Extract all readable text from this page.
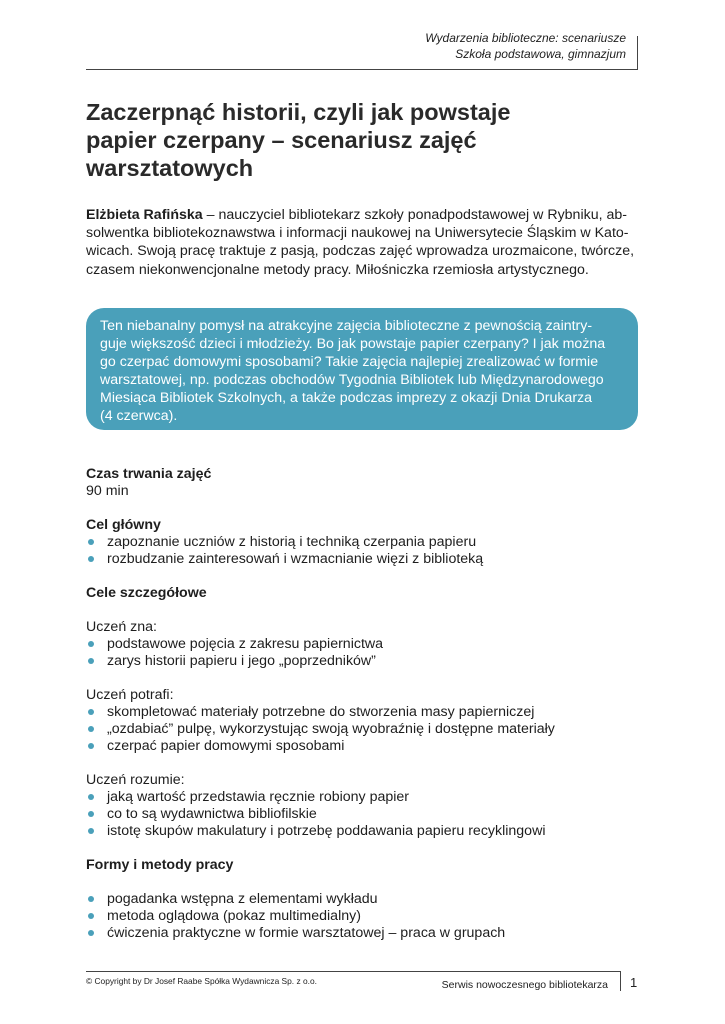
Wydarzenia biblioteczne: scenariusze
Szkoła podstawowa, gimnazjum
Zaczerpnąć historii, czyli jak powstaje
papier czerpany – scenariusz zajęć
warsztatowych
Elżbieta Rafińska – nauczyciel bibliotekarz szkoły ponadpodstawowej w Rybniku, ab-
solwentka bibliotekoznawstwa i informacji naukowej na Uniwersytecie Śląskim w Kato-
wicach. Swoją pracę traktuje z pasją, podczas zajęć wprowadza urozmaicone, twórcze,
czasem niekonwencjonalne metody pracy. Miłośniczka rzemiosła artystycznego.
Ten niebanalny pomysł na atrakcyjne zajęcia biblioteczne z pewnością zaintry-
guje większość dzieci i młodzieży. Bo jak powstaje papier czerpany? I jak można
go czerpać domowymi sposobami? Takie zajęcia najlepiej zrealizować w formie
warsztatowej, np. podczas obchodów Tygodnia Bibliotek lub Międzynarodowego
Miesiąca Bibliotek Szkolnych, a także podczas imprezy z okazji Dnia Drukarza
(4 czerwca).
Czas trwania zajęć
90 min
Cel główny
zapoznanie uczniów z historią i techniką czerpania papieru
rozbudzanie zainteresowań i wzmacnianie więzi z biblioteką
Cele szczegółowe
Uczeń zna:
podstawowe pojęcia z zakresu papiernictwa
zarys historii papieru i jego „poprzedników”
Uczeń potrafi:
skompletować materiały potrzebne do stworzenia masy papierniczej
„ozdabiać” pulpę, wykorzystując swoją wyobraźnię i dostępne materiały
czerpać papier domowymi sposobami
Uczeń rozumie:
jaką wartość przedstawia ręcznie robiony papier
co to są wydawnictwa bibliofilskie
istotę skupów makulatury i potrzebę poddawania papieru recyklingowi
Formy i metody pracy
pogadanka wstępna z elementami wykładu
metoda oglądowa (pokaz multimedialny)
ćwiczenia praktyczne w formie warsztatowej – praca w grupach
© Copyright by Dr Josef Raabe Spółka Wydawnicza Sp. z o.o.	Serwis nowoczesnego bibliotekarza 1
